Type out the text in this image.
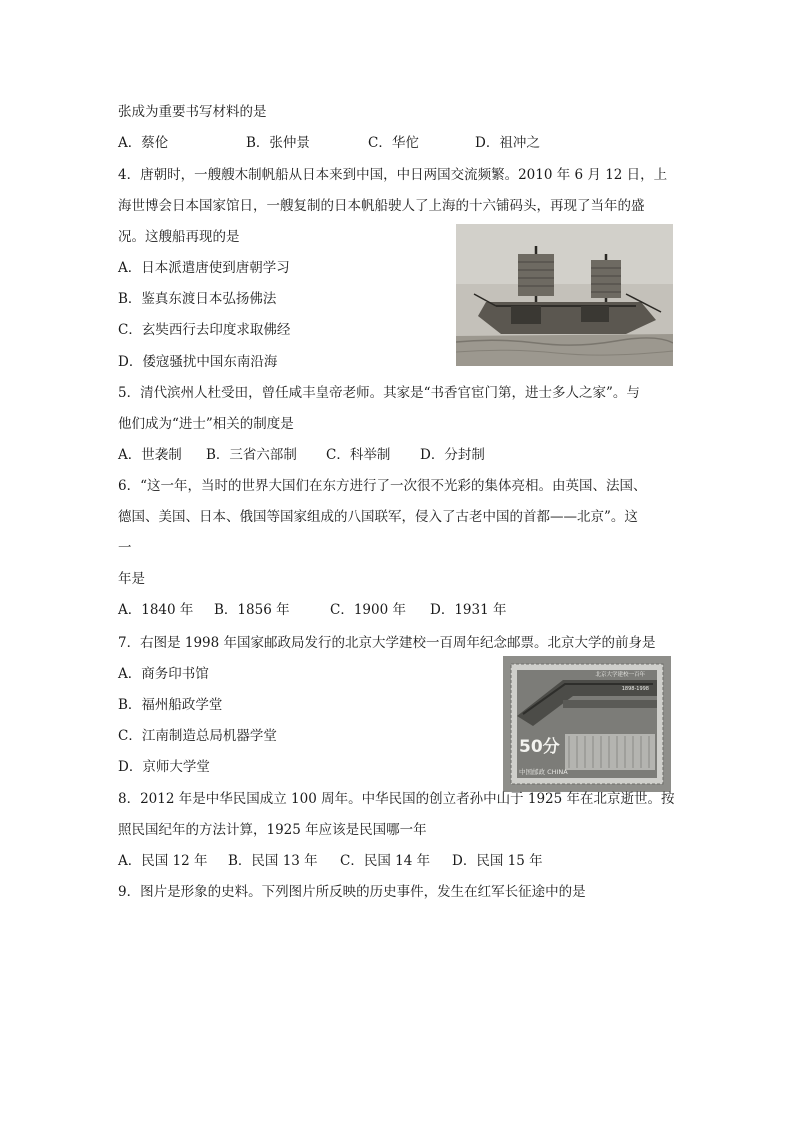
张成为重要书写材料的是
A．蔡伦	B．张仲景	C．华佗	D．祖冲之
4．唐朝时，一艘艘木制帆船从日本来到中国，中日两国交流频繁。2010 年 6 月 12 日，上
海世博会日本国家馆日，一艘复制的日本帆船驶人了上海的十六铺码头，再现了当年的盛
况。这艘船再现的是
A．日本派遣唐使到唐朝学习
B．鉴真东渡日本弘扬佛法
C．玄奘西行去印度求取佛经
D．倭寇骚扰中国东南沿海
5．清代滨州人杜受田，曾任咸丰皇帝老师。其家是“书香官宦门第，进士多人之家”。与
他们成为“进士”相关的制度是
A．世袭制 B．三省六部制 C．科举制 D．分封制
6．“这一年，当时的世界大国们在东方进行了一次很不光彩的集体亮相。由英国、法国、
德国、美国、日本、俄国等国家组成的八国联军，侵入了古老中国的首都——北京”。这
一
年是
A．1840 年 B．1856 年	C．1900 年 D．1931 年
7．右图是 1998 年国家邮政局发行的北京大学建校一百周年纪念邮票。北京大学的前身是
A．商务印书馆
B．福州船政学堂
C．江南制造总局机器学堂
D．京师大学堂
北京大学建校一百年
1898-1998
50分
中国邮政 CHINA
8．2012 年是中华民国成立 100 周年。中华民国的创立者孙中山于 1925 年在北京逝世。按
照民国纪年的方法计算，1925 年应该是民国哪一年
A．民国 12 年 B．民国 13 年 C．民国 14 年 D．民国 15 年
9．图片是形象的史料。下列图片所反映的历史事件，发生在红军长征途中的是
